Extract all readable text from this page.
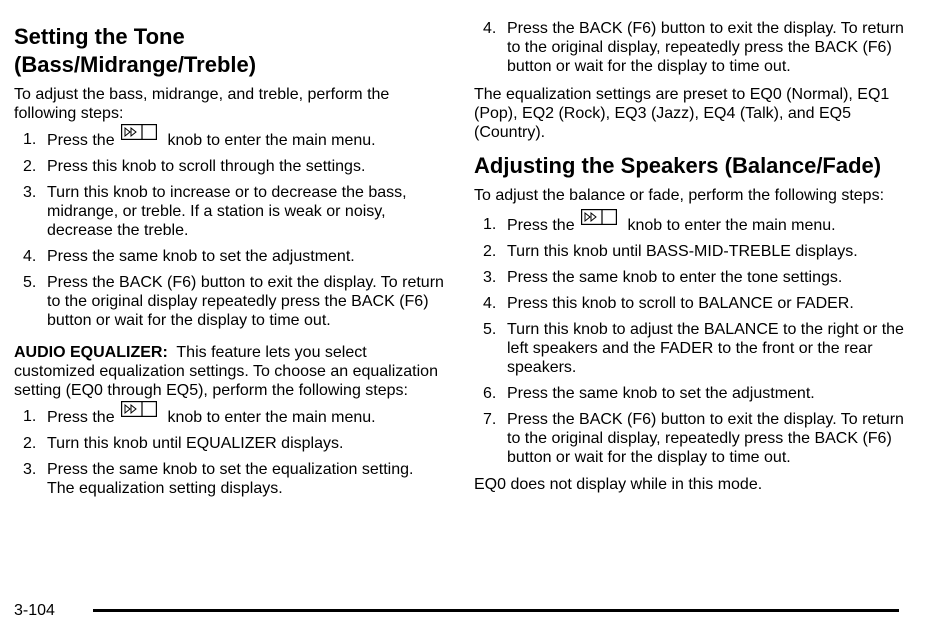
Setting the Tone
(Bass/Midrange/Treble)

To adjust the bass, midrange, and treble, perform the following steps:

1. Press the	knob to enter the main menu.
2. Press this knob to scroll through the settings.
3. Turn this knob to increase or to decrease the bass, midrange, or treble. If a station is weak or noisy, decrease the treble.
4. Press the same knob to set the adjustment.
5. Press the BACK (F6) button to exit the display. To return to the original display repeatedly press the BACK (F6) button or wait for the display to time out.

AUDIO EQUALIZER: This feature lets you select customized equalization settings. To choose an equalization setting (EQ0 through EQ5), perform the following steps:

1. Press the	knob to enter the main menu.
2. Turn this knob until EQUALIZER displays.
3. Press the same knob to set the equalization setting. The equalization setting displays.
4. Press the BACK (F6) button to exit the display. To return to the original display, repeatedly press the BACK (F6) button or wait for the display to time out.

The equalization settings are preset to EQ0 (Normal), EQ1 (Pop), EQ2 (Rock), EQ3 (Jazz), EQ4 (Talk), and EQ5 (Country).

Adjusting the Speakers (Balance/Fade)

To adjust the balance or fade, perform the following steps:

1. Press the	knob to enter the main menu.
2. Turn this knob until BASS-MID-TREBLE displays.
3. Press the same knob to enter the tone settings.
4. Press this knob to scroll to BALANCE or FADER.
5. Turn this knob to adjust the BALANCE to the right or the left speakers and the FADER to the front or the rear speakers.
6. Press the same knob to set the adjustment.
7. Press the BACK (F6) button to exit the display. To return to the original display, repeatedly press the BACK (F6) button or wait for the display to time out.

EQ0 does not display while in this mode.

3-104
